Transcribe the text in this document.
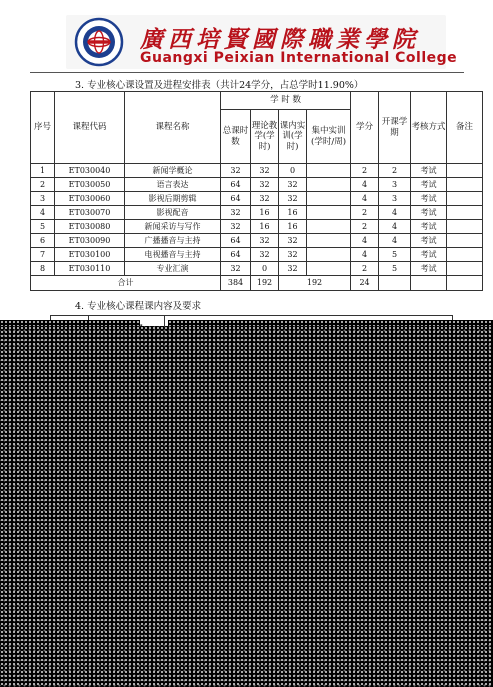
廣西培賢國際職業學院
Guangxi Peixian International College
3. 专业核心课设置及进程安排表（共计24学分，占总学时11.90%）
序号	课程代码	课程名称	学 时 数				学分	开课学期	考核方式	备注	
			总课时数	理论教学(学时)	课内实训(学时)	集中实训(学时/周)					
1	ET030040	新闻学概论	32	32	0		2	2	考试		
2	ET030050	语言表达	64	32	32		4	3	考试		
3	ET030060	影视后期剪辑	64	32	32		4	3	考试		
4	ET030070	影视配音	32	16	16		2	4	考试		
5	ET030080	新闻采访与写作	32	16	16		2	4	考试		
6	ET030090	广播播音与主持	64	32	32		4	4	考试		
7	ET030100	电视播音与主持	64	32	32		4	5	考试		
8	ET030110	专业汇演	32	0	32		2	5	考试		
合计			384	192	192		24				
4. 专业核心课程课内容及要求
